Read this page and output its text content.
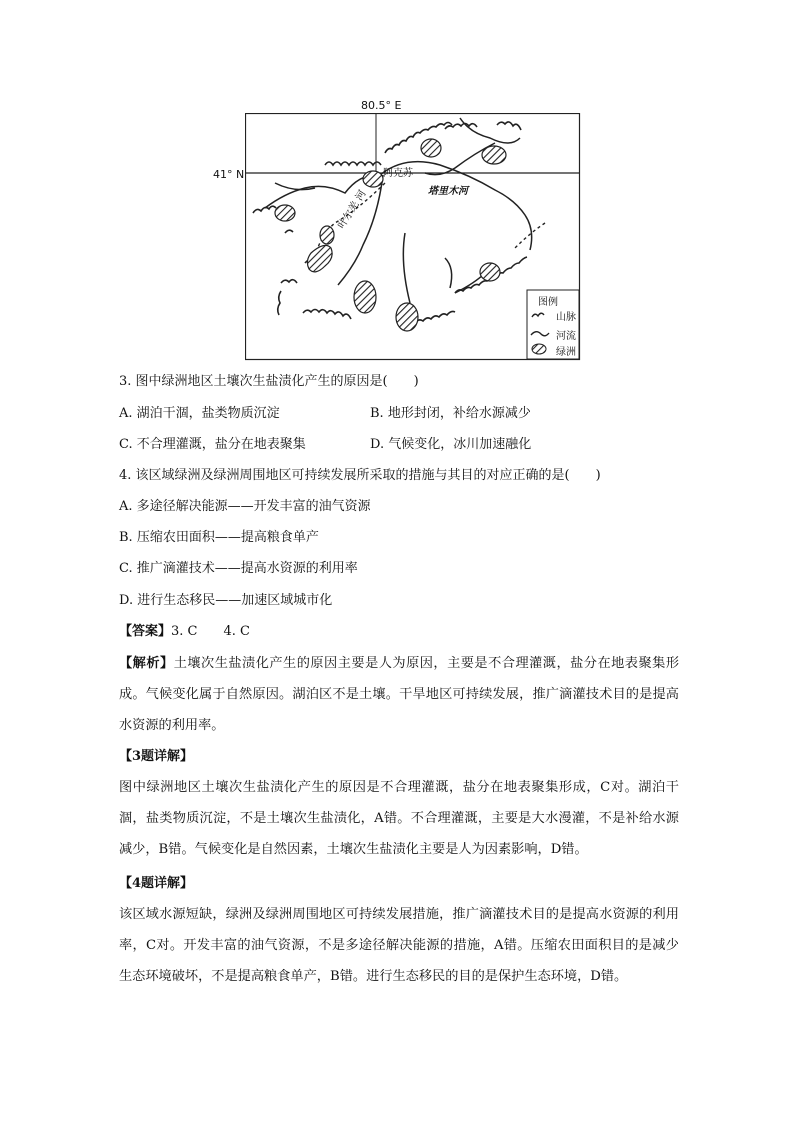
80.5° E
41° N	阿克苏
塔里木河
叶尔羌 河
图例
山脉
河流
绿洲
3. 图中绿洲地区土壤次生盐渍化产生的原因是(　　)
A. 湖泊干涸，盐类物质沉淀	B. 地形封闭，补给水源减少
C. 不合理灌溉，盐分在地表聚集	D. 气候变化，冰川加速融化
4. 该区域绿洲及绿洲周围地区可持续发展所采取的措施与其目的对应正确的是(　　)
A. 多途径解决能源——开发丰富的油气资源
B. 压缩农田面积——提高粮食单产
C. 推广滴灌技术——提高水资源的利用率
D. 进行生态移民——加速区域城市化
【答案】3. C　　4. C
【解析】土壤次生盐渍化产生的原因主要是人为原因，主要是不合理灌溉，盐分在地表聚集形成。气候变化属于自然原因。湖泊区不是土壤。干旱地区可持续发展，推广滴灌技术目的是提高水资源的利用率。
【3题详解】
图中绿洲地区土壤次生盐渍化产生的原因是不合理灌溉，盐分在地表聚集形成，C对。湖泊干涸，盐类物质沉淀，不是土壤次生盐渍化，A错。不合理灌溉，主要是大水漫灌，不是补给水源减少，B错。气候变化是自然因素，土壤次生盐渍化主要是人为因素影响，D错。
【4题详解】
该区域水源短缺，绿洲及绿洲周围地区可持续发展措施，推广滴灌技术目的是提高水资源的利用率，C对。开发丰富的油气资源，不是多途径解决能源的措施，A错。压缩农田面积目的是减少生态环境破坏，不是提高粮食单产，B错。进行生态移民的目的是保护生态环境，D错。
